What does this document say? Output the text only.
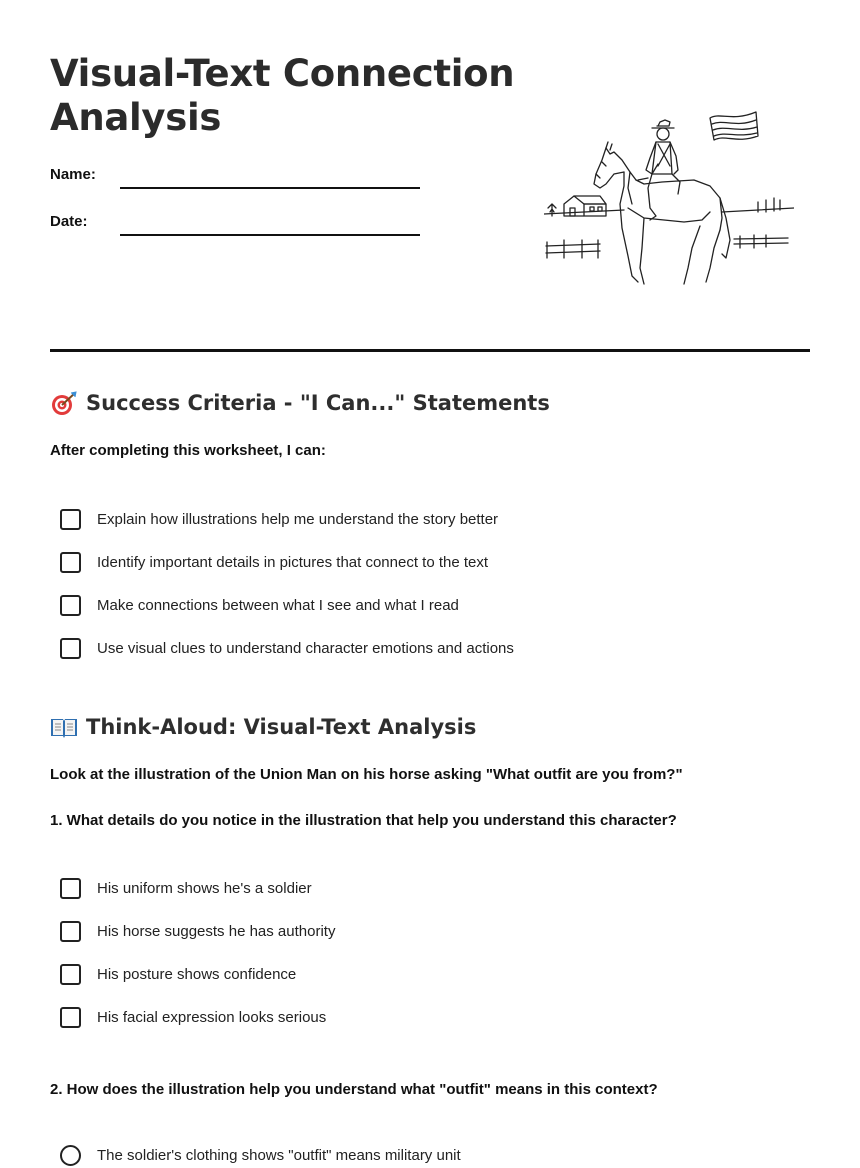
Visual-Text Connection Analysis
Name:
Date:
Success Criteria - "I Can..." Statements
After completing this worksheet, I can:
Explain how illustrations help me understand the story better
Identify important details in pictures that connect to the text
Make connections between what I see and what I read
Use visual clues to understand character emotions and actions
Think-Aloud: Visual-Text Analysis
Look at the illustration of the Union Man on his horse asking "What outfit are you from?"
1. What details do you notice in the illustration that help you understand this character?
His uniform shows he's a soldier
His horse suggests he has authority
His posture shows confidence
His facial expression looks serious
2. How does the illustration help you understand what "outfit" means in this context?
The soldier's clothing shows "outfit" means military unit
